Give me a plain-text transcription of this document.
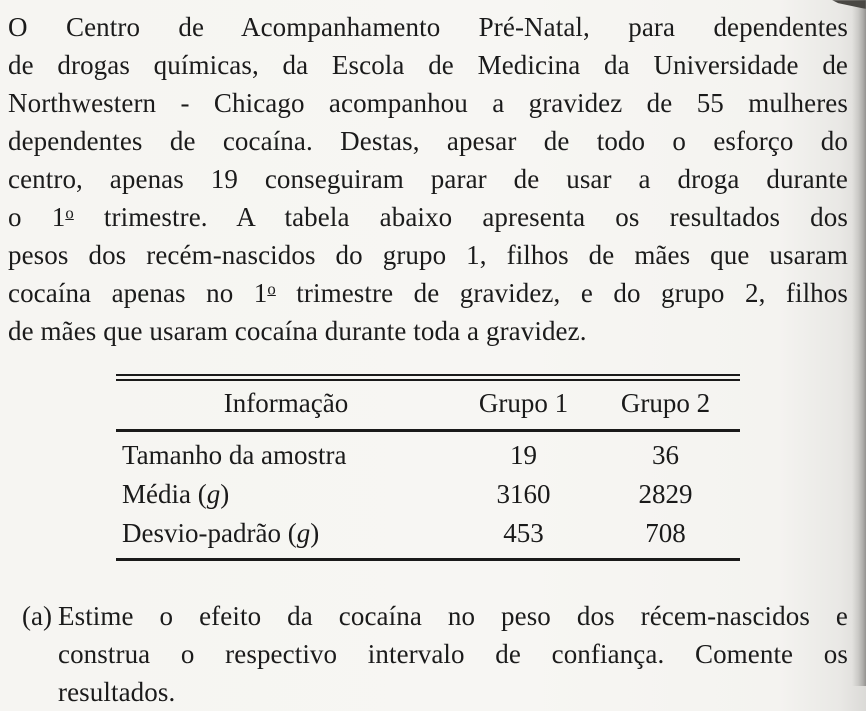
O Centro de Acompanhamento Pré-Natal, para dependentes
de drogas químicas, da Escola de Medicina da Universidade de
Northwestern - Chicago acompanhou a gravidez de 55 mulheres
dependentes de cocaína. Destas, apesar de todo o esforço do
centro, apenas 19 conseguiram parar de usar a droga durante
o 1$^o$ trimestre. A tabela abaixo apresenta os resultados dos
pesos dos recém-nascidos do grupo 1, filhos de mães que usaram
cocaína apenas no 1$^o$ trimestre de gravidez, e do grupo 2, filhos
de mães que usaram cocaína durante toda a gravidez.
Informação	Grupo 1	Grupo 2
Tamanho da amostra	19	36
Média (g)	3160	2829
Desvio-padrão (g)	453	708
(a) Estime o efeito da cocaína no peso dos récem-nascidos e
construa o respectivo intervalo de confiança. Comente os
resultados.
